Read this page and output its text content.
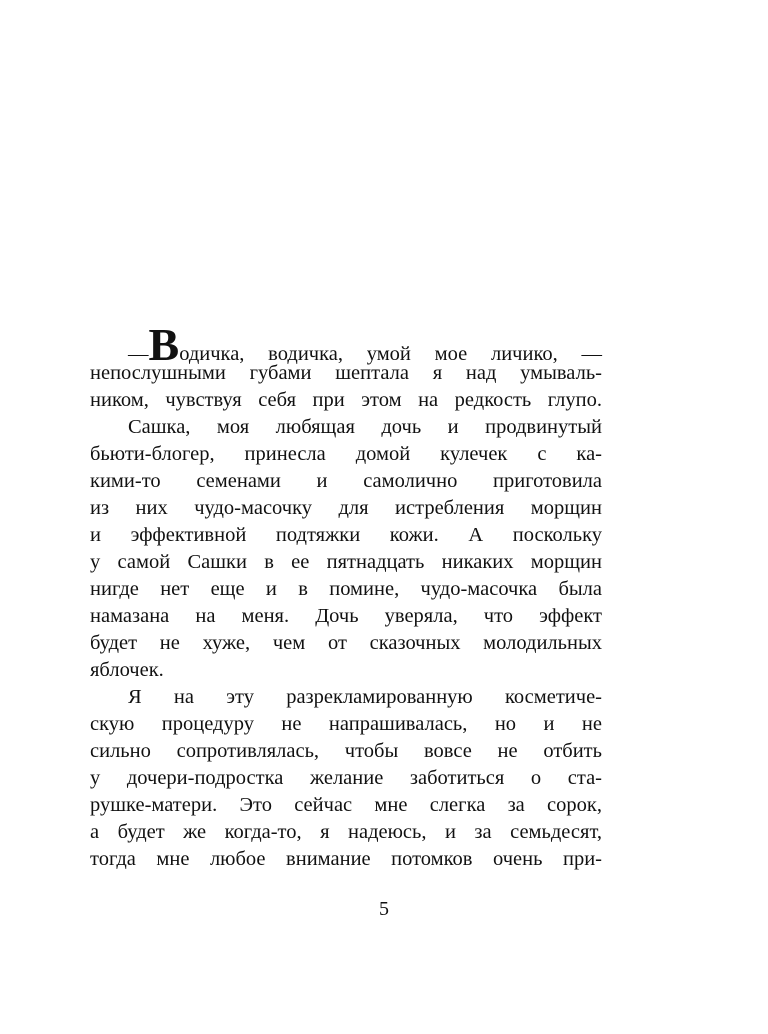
—Водичка, водичка, умой мое личико, —
непослушными губами шептала я над умываль-
ником, чувствуя себя при этом на редкость глупо.
Сашка, моя любящая дочь и продвинутый
бьюти-блогер, принесла домой кулечек с ка-
кими-то семенами и самолично приготовила
из них чудо-масочку для истребления морщин
и эффективной подтяжки кожи. А поскольку
у самой Сашки в ее пятнадцать никаких морщин
нигде нет еще и в помине, чудо-масочка была
намазана на меня. Дочь уверяла, что эффект
будет не хуже, чем от сказочных молодильных
яблочек.
Я на эту разрекламированную косметиче-
скую процедуру не напрашивалась, но и не
сильно сопротивлялась, чтобы вовсе не отбить
у дочери-подростка желание заботиться о ста-
рушке-матери. Это сейчас мне слегка за сорок,
а будет же когда-то, я надеюсь, и за семьдесят,
тогда мне любое внимание потомков очень при-
5
